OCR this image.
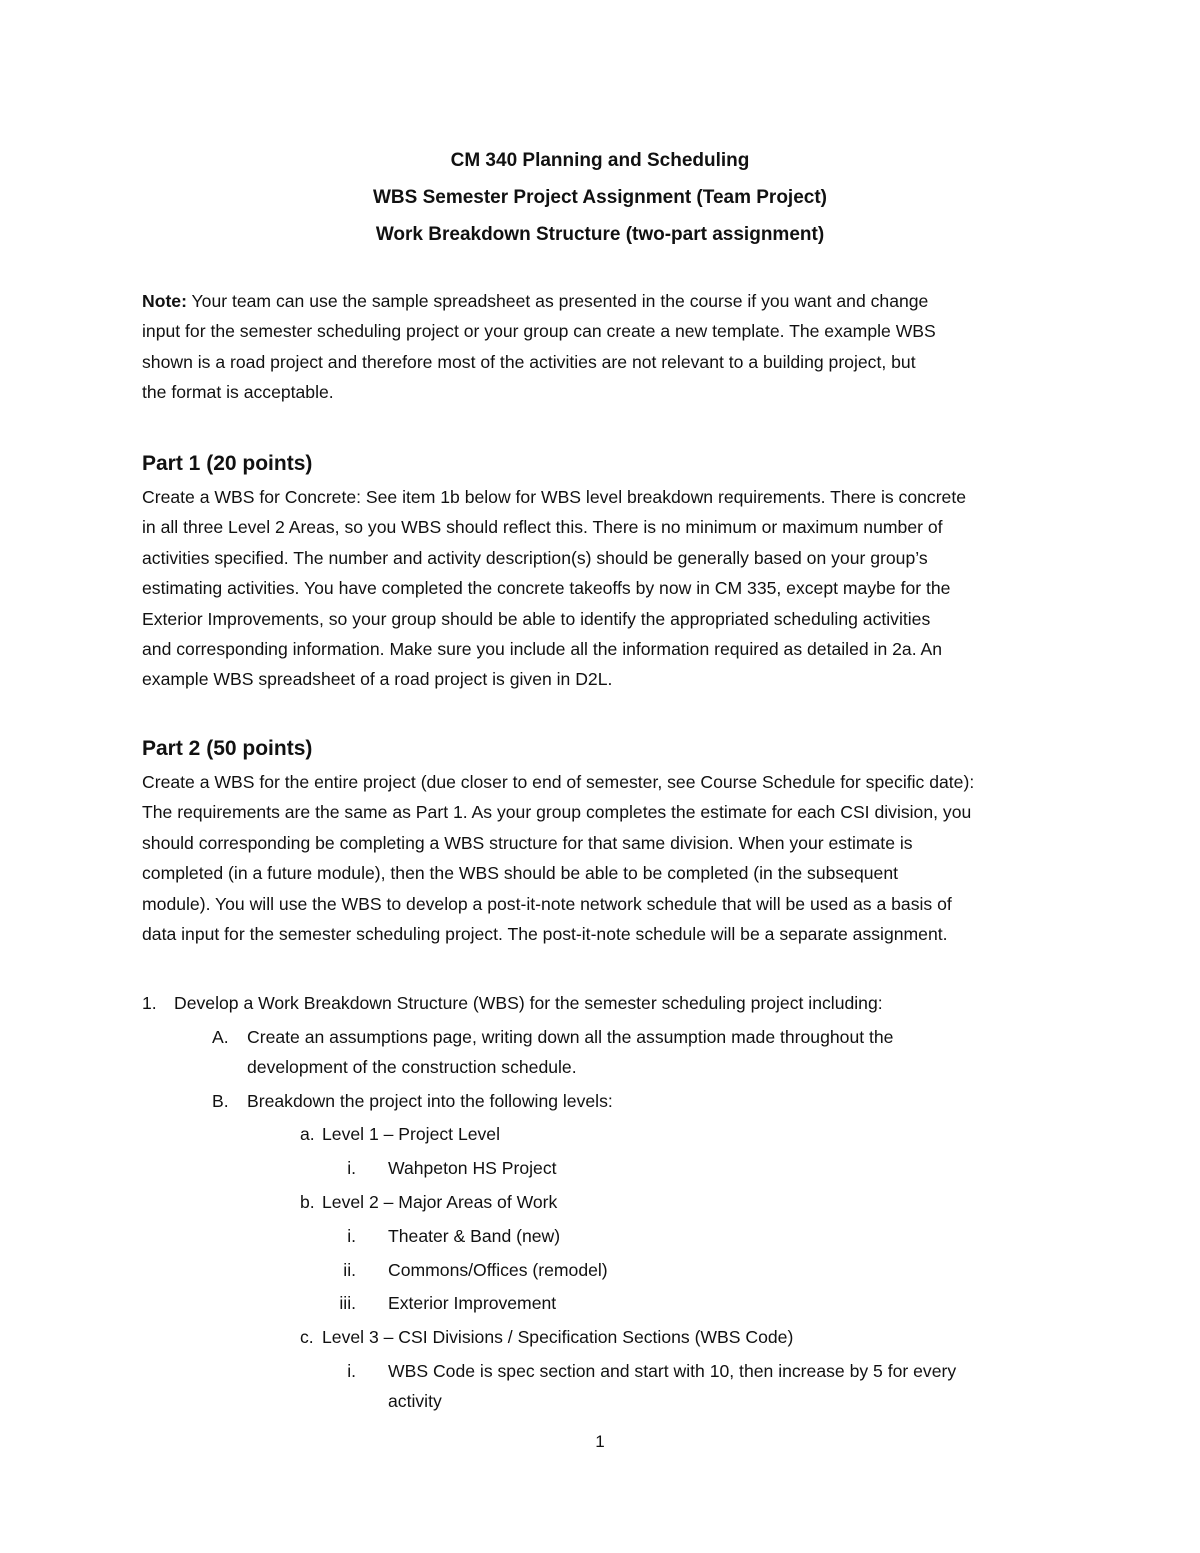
CM 340 Planning and Scheduling
WBS Semester Project Assignment (Team Project)
Work Breakdown Structure (two-part assignment)
Note: Your team can use the sample spreadsheet as presented in the course if you want and change
input for the semester scheduling project or your group can create a new template. The example WBS
shown is a road project and therefore most of the activities are not relevant to a building project, but
the format is acceptable.
Part 1 (20 points)
Create a WBS for Concrete: See item 1b below for WBS level breakdown requirements. There is concrete
in all three Level 2 Areas, so you WBS should reflect this. There is no minimum or maximum number of
activities specified. The number and activity description(s) should be generally based on your group’s
estimating activities. You have completed the concrete takeoffs by now in CM 335, except maybe for the
Exterior Improvements, so your group should be able to identify the appropriated scheduling activities
and corresponding information. Make sure you include all the information required as detailed in 2a. An
example WBS spreadsheet of a road project is given in D2L.
Part 2 (50 points)
Create a WBS for the entire project (due closer to end of semester, see Course Schedule for specific date):
The requirements are the same as Part 1. As your group completes the estimate for each CSI division, you
should corresponding be completing a WBS structure for that same division. When your estimate is
completed (in a future module), then the WBS should be able to be completed (in the subsequent
module). You will use the WBS to develop a post-it-note network schedule that will be used as a basis of
data input for the semester scheduling project. The post-it-note schedule will be a separate assignment.
1. Develop a Work Breakdown Structure (WBS) for the semester scheduling project including:
A. Create an assumptions page, writing down all the assumption made throughout the
development of the construction schedule.
B. Breakdown the project into the following levels:
a. Level 1 – Project Level
i. Wahpeton HS Project
b. Level 2 – Major Areas of Work
i. Theater & Band (new)
ii. Commons/Offices (remodel)
iii. Exterior Improvement
c. Level 3 – CSI Divisions / Specification Sections (WBS Code)
i. WBS Code is spec section and start with 10, then increase by 5 for every
activity
1
